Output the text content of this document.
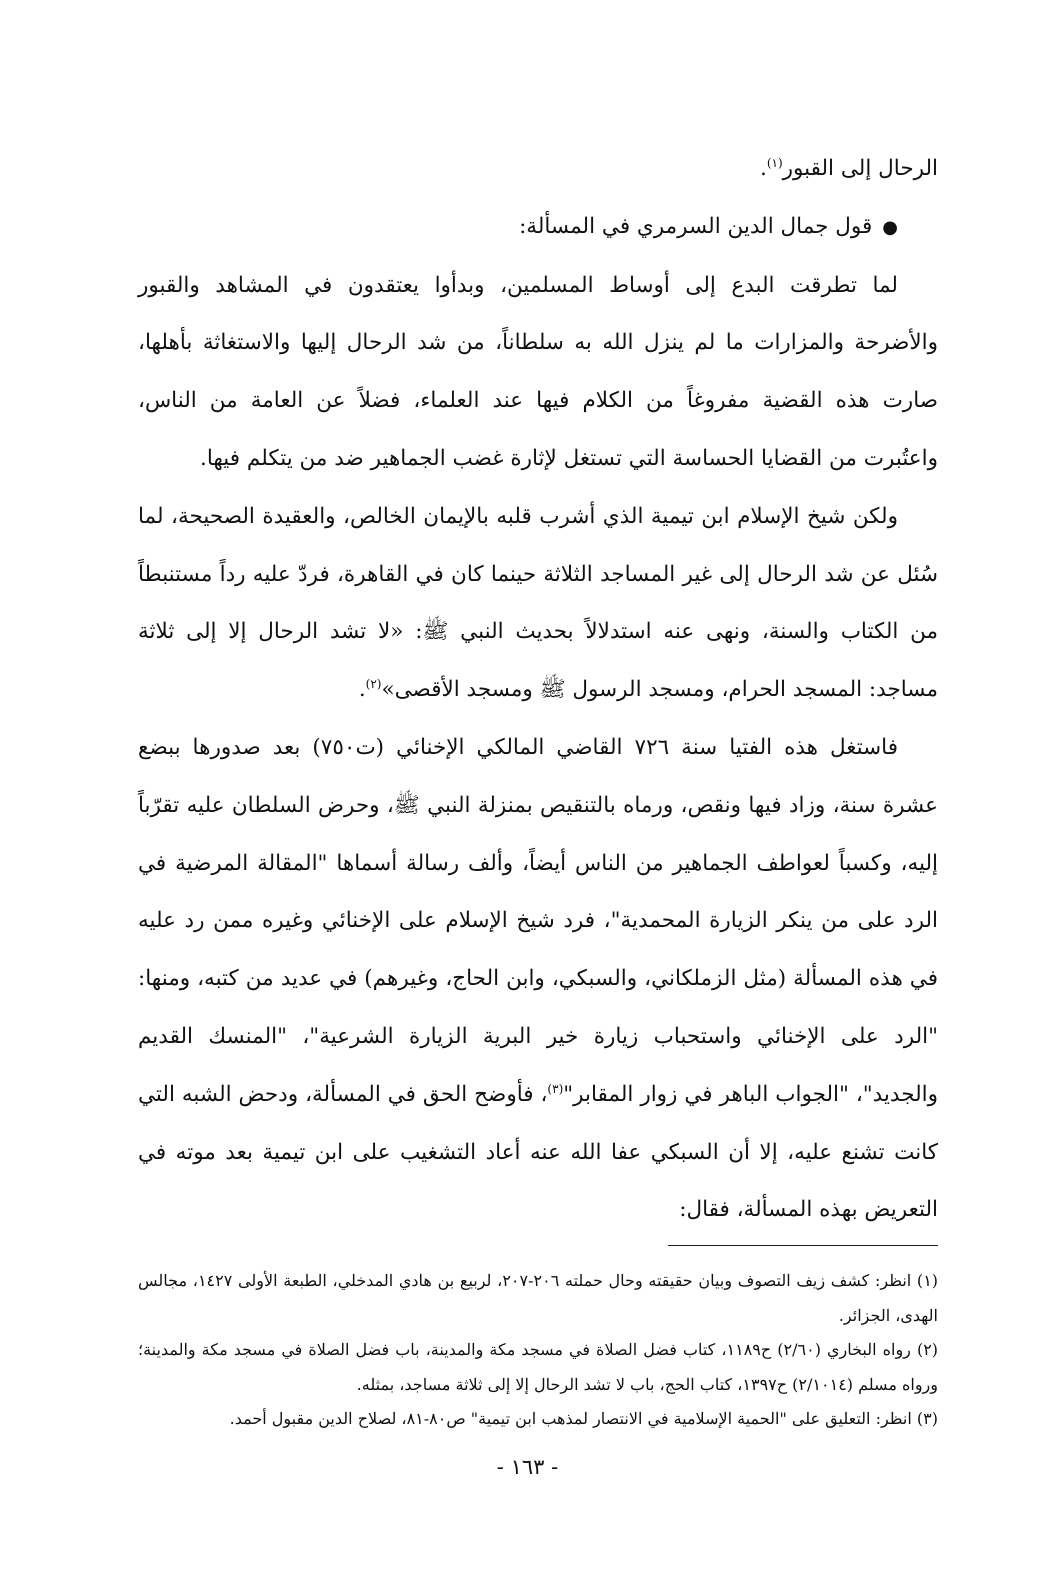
الرحال إلى القبور$^{(١)}$.

●قول جمال الدين السرمري في المسألة:

لما تطرقت البدع إلى أوساط المسلمين، وبدأوا يعتقدون في المشاهد والقبور والأضرحة والمزارات ما لم ينزل الله به سلطاناً، من شد الرحال إليها والاستغاثة بأهلها، صارت هذه القضية مفروغاً من الكلام فيها عند العلماء، فضلاً عن العامة من الناس، واعتُبرت من القضايا الحساسة التي تستغل لإثارة غضب الجماهير ضد من يتكلم فيها.

ولكن شيخ الإسلام ابن تيمية الذي أشرب قلبه بالإيمان الخالص، والعقيدة الصحيحة، لما سُئل عن شد الرحال إلى غير المساجد الثلاثة حينما كان في القاهرة، فردّ عليه رداً مستنبطاً من الكتاب والسنة، ونهى عنه استدلالاً بحديث النبي ﷺ: «لا تشد الرحال إلا إلى ثلاثة مساجد: المسجد الحرام، ومسجد الرسول ﷺ ومسجد الأقصى»$^{(٢)}$.

فاستغل هذه الفتيا سنة ٧٢٦ القاضي المالكي الإخنائي (ت٧٥٠) بعد صدورها ببضع عشرة سنة، وزاد فيها ونقص، ورماه بالتنقيص بمنزلة النبي ﷺ، وحرض السلطان عليه تقرّباً إليه، وكسباً لعواطف الجماهير من الناس أيضاً، وألف رسالة أسماها "المقالة المرضية في الرد على من ينكر الزيارة المحمدية"، فرد شيخ الإسلام على الإخنائي وغيره ممن رد عليه في هذه المسألة (مثل الزملكاني، والسبكي، وابن الحاج، وغيرهم) في عديد من كتبه، ومنها: "الرد على الإخنائي واستحباب زيارة خير البرية الزيارة الشرعية"، "المنسك القديم والجديد"، "الجواب الباهر في زوار المقابر"$^{(٣)}$، فأوضح الحق في المسألة، ودحض الشبه التي كانت تشنع عليه، إلا أن السبكي عفا الله عنه أعاد التشغيب على ابن تيمية بعد موته في التعريض بهذه المسألة، فقال:

(١) انظر: كشف زيف التصوف وبيان حقيقته وحال حملته ٢٠٦-٢٠٧، لربيع بن هادي المدخلي، الطبعة الأولى ١٤٢٧، مجالس الهدى، الجزائر.

(٢) رواه البخاري (٢/٦٠) ح١١٨٩، كتاب فضل الصلاة في مسجد مكة والمدينة، باب فضل الصلاة في مسجد مكة والمدينة؛ ورواه مسلم (٢/١٠١٤) ح١٣٩٧، كتاب الحج، باب لا تشد الرحال إلا إلى ثلاثة مساجد، بمثله.

(٣) انظر: التعليق على "الحمية الإسلامية في الانتصار لمذهب ابن تيمية" ص٨٠-٨١، لصلاح الدين مقبول أحمد.

- ١٦٣ -
